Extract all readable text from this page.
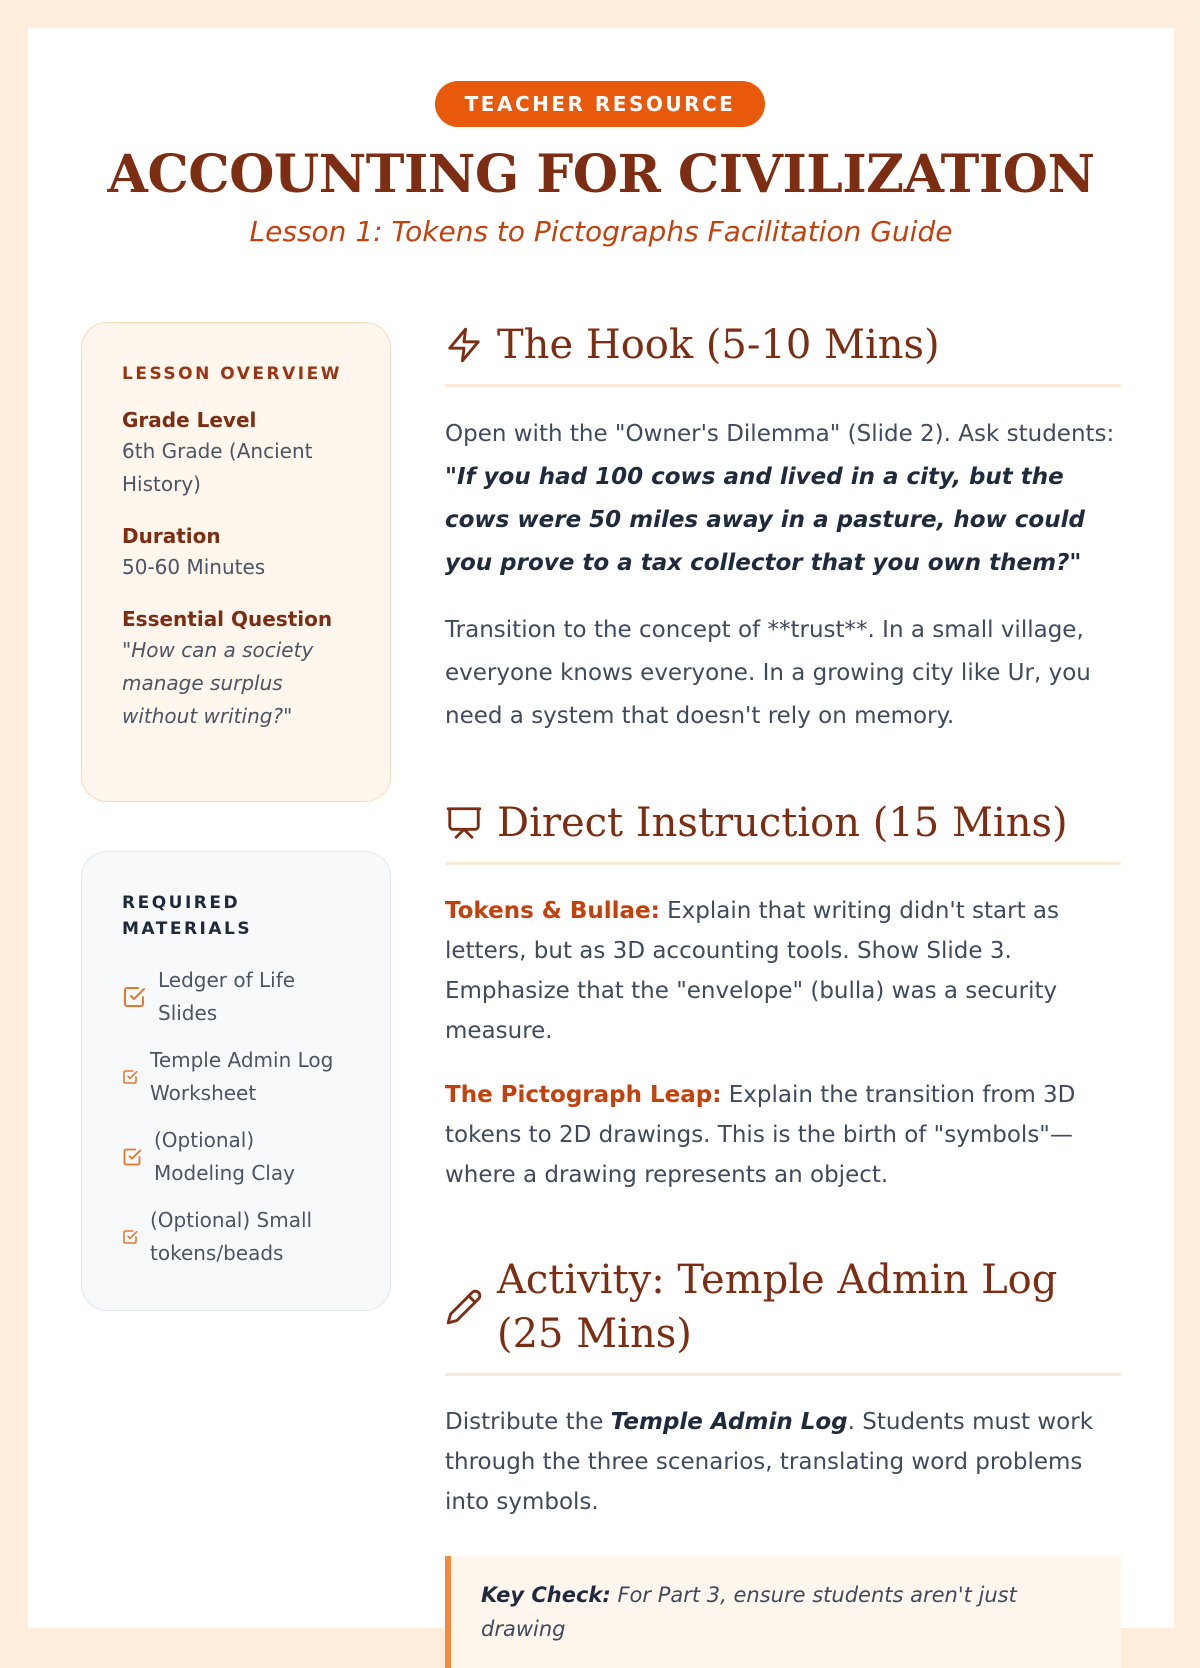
TEACHER RESOURCE
ACCOUNTING FOR CIVILIZATION
Lesson 1: Tokens to Pictographs Facilitation Guide
LESSON OVERVIEW
Grade Level
6th Grade (Ancient History)
Duration
50-60 Minutes
Essential Question
"How can a society manage surplus without writing?"
REQUIRED MATERIALS
Ledger of Life Slides
Temple Admin Log Worksheet
(Optional) Modeling Clay
(Optional) Small tokens/beads
The Hook (5-10 Mins)

Open with the "Owner's Dilemma" (Slide 2). Ask students: "If you had 100 cows and lived in a city, but the cows were 50 miles away in a pasture, how could you prove to a tax collector that you own them?"

Transition to the concept of **trust**. In a small village, everyone knows everyone. In a growing city like Ur, you need a system that doesn't rely on memory.

Direct Instruction (15 Mins)

Tokens & Bullae: Explain that writing didn't start as letters, but as 3D accounting tools. Show Slide 3. Emphasize that the "envelope" (bulla) was a security measure.

The Pictograph Leap: Explain the transition from 3D tokens to 2D drawings. This is the birth of "symbols"—where a drawing represents an object.

Activity: Temple Admin Log (25 Mins)

Distribute the Temple Admin Log. Students must work through the three scenarios, translating word problems into symbols.

Key Check: For Part 3, ensure students aren't just drawing
